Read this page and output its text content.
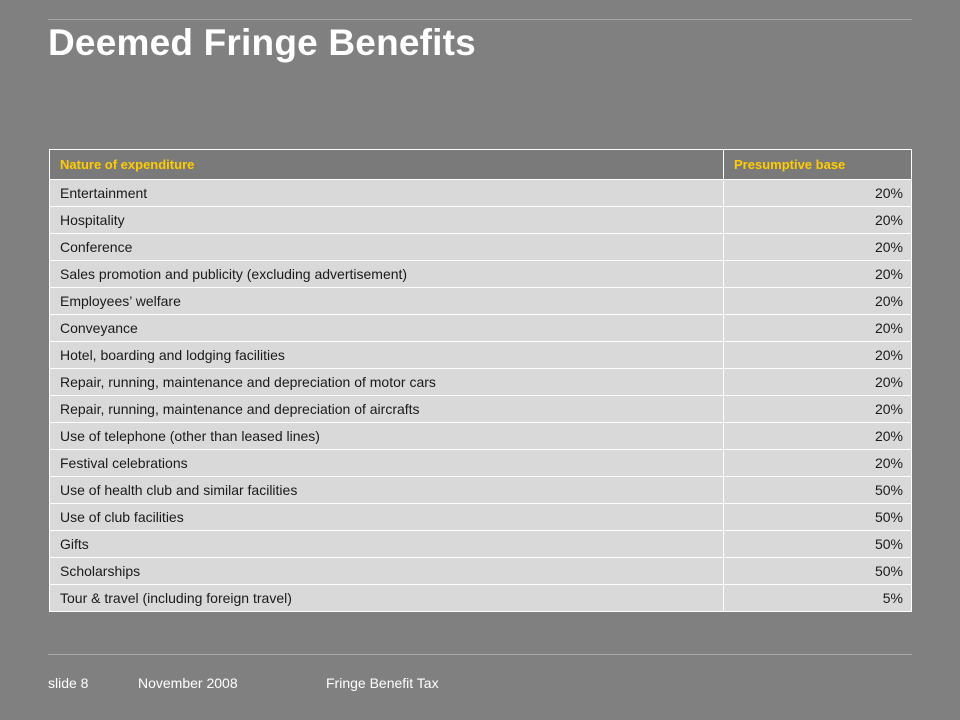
Deemed Fringe Benefits
Nature of expenditure	Presumptive base
Entertainment	20%
Hospitality	20%
Conference	20%
Sales promotion and publicity (excluding advertisement)	20%
Employees’ welfare	20%
Conveyance	20%
Hotel, boarding and lodging facilities	20%
Repair, running, maintenance and depreciation of motor cars	20%
Repair, running, maintenance and depreciation of aircrafts	20%
Use of telephone (other than leased lines)	20%
Festival celebrations	20%
Use of health club and similar facilities	50%
Use of club facilities	50%
Gifts	50%
Scholarships	50%
Tour & travel (including foreign travel)	5%
slide 8	November 2008	Fringe Benefit Tax
